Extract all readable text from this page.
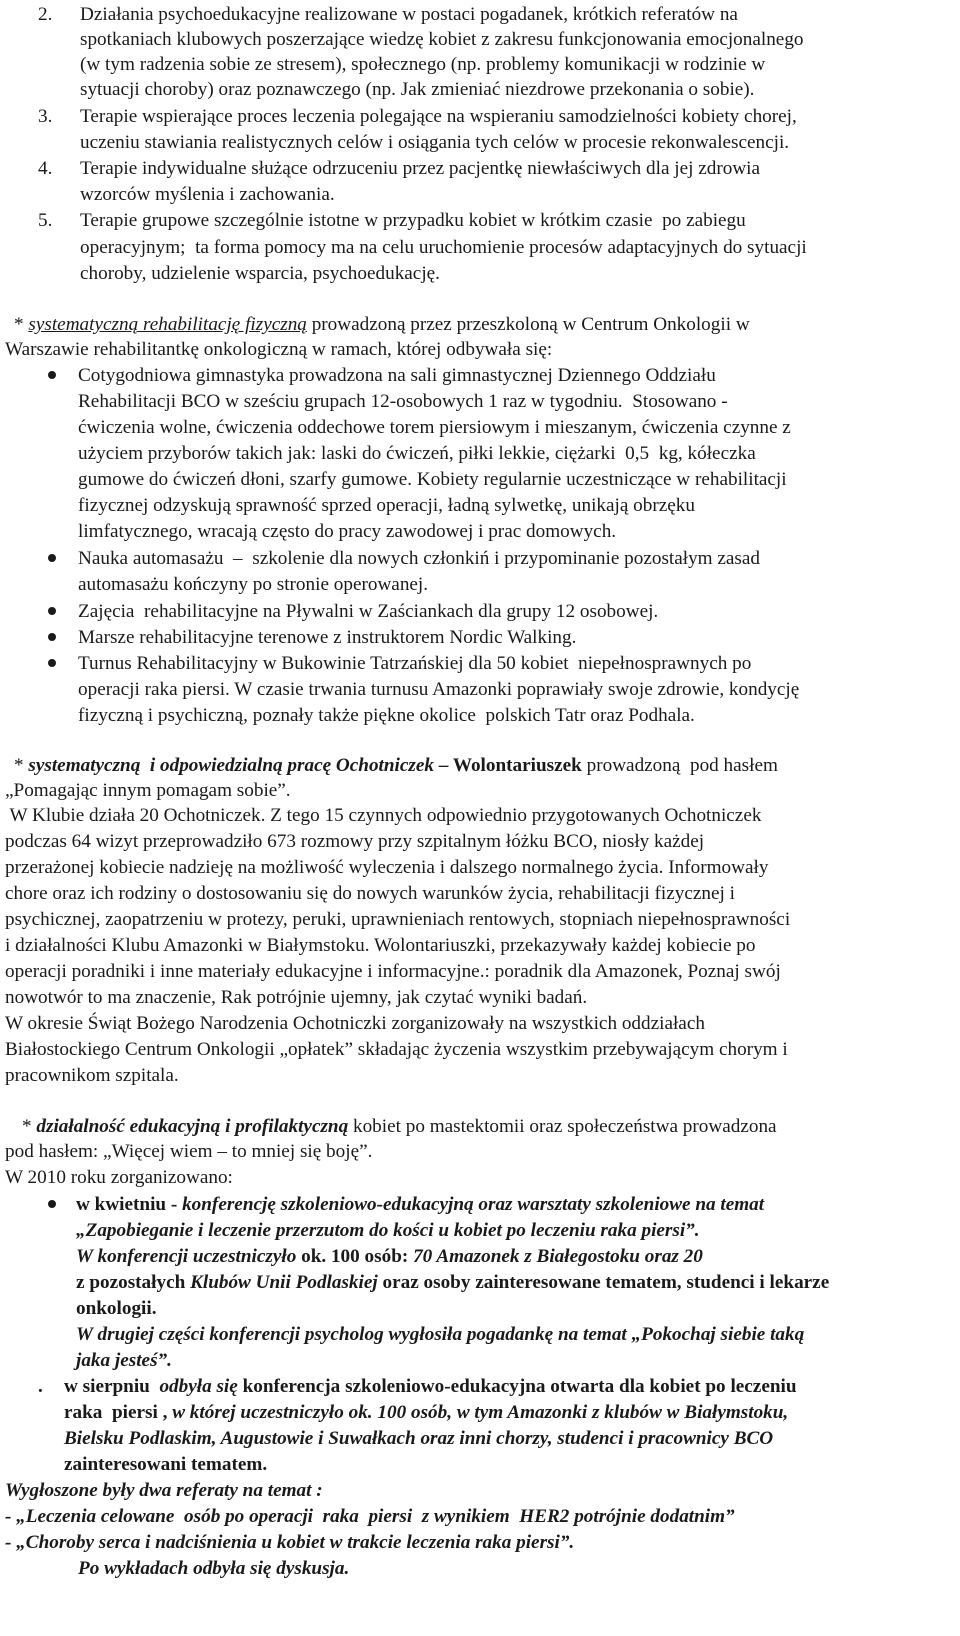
2. Działania psychoedukacyjne realizowane w postaci pogadanek, krótkich referatów na
spotkaniach klubowych poszerzające wiedzę kobiet z zakresu funkcjonowania emocjonalnego
(w tym radzenia sobie ze stresem), społecznego (np. problemy komunikacji w rodzinie w
sytuacji choroby) oraz poznawczego (np. Jak zmieniać niezdrowe przekonania o sobie).
3. Terapie wspierające proces leczenia polegające na wspieraniu samodzielności kobiety chorej,
uczeniu stawiania realistycznych celów i osiągania tych celów w procesie rekonwalescencji.
4. Terapie indywidualne służące odrzuceniu przez pacjentkę niewłaściwych dla jej zdrowia
wzorców myślenia i zachowania.
5. Terapie grupowe szczególnie istotne w przypadku kobiet w krótkim czasie  po zabiegu
operacyjnym;  ta forma pomocy ma na celu uruchomienie procesów adaptacyjnych do sytuacji
choroby, udzielenie wsparcia, psychoedukację.
* systematyczną rehabilitację fizyczną prowadzoną przez przeszkoloną w Centrum Onkologii w
Warszawie rehabilitantkę onkologiczną w ramach, której odbywała się:
Cotygodniowa gimnastyka prowadzona na sali gimnastycznej Dziennego Oddziału
Rehabilitacji BCO w sześciu grupach 12-osobowych 1 raz w tygodniu.  Stosowano -
ćwiczenia wolne, ćwiczenia oddechowe torem piersiowym i mieszanym, ćwiczenia czynne z
użyciem przyborów takich jak: laski do ćwiczeń, piłki lekkie, ciężarki  0,5  kg, kółeczka
gumowe do ćwiczeń dłoni, szarfy gumowe. Kobiety regularnie uczestniczące w rehabilitacji
fizycznej odzyskują sprawność sprzed operacji, ładną sylwetkę, unikają obrzęku
limfatycznego, wracają często do pracy zawodowej i prac domowych.
Nauka automasażu  –  szkolenie dla nowych członkiń i przypominanie pozostałym zasad
automasażu kończyny po stronie operowanej.
Zajęcia  rehabilitacyjne na Pływalni w Zaściankach dla grupy 12 osobowej.
Marsze rehabilitacyjne terenowe z instruktorem Nordic Walking.
Turnus Rehabilitacyjny w Bukowinie Tatrzańskiej dla 50 kobiet  niepełnosprawnych po
operacji raka piersi. W czasie trwania turnusu Amazonki poprawiały swoje zdrowie, kondycję
fizyczną i psychiczną, poznały także piękne okolice  polskich Tatr oraz Podhala.
* systematyczną  i odpowiedzialną pracę Ochotniczek – Wolontariuszek prowadzoną  pod hasłem
„Pomagając innym pomagam sobie”.
W Klubie działa 20 Ochotniczek. Z tego 15 czynnych odpowiednio przygotowanych Ochotniczek
podczas 64 wizyt przeprowadziło 673 rozmowy przy szpitalnym łóżku BCO, niosły każdej
przerażonej kobiecie nadzieję na możliwość wyleczenia i dalszego normalnego życia. Informowały
chore oraz ich rodziny o dostosowaniu się do nowych warunków życia, rehabilitacji fizycznej i
psychicznej, zaopatrzeniu w protezy, peruki, uprawnieniach rentowych, stopniach niepełnosprawności
i działalności Klubu Amazonki w Białymstoku. Wolontariuszki, przekazywały każdej kobiecie po
operacji poradniki i inne materiały edukacyjne i informacyjne.: poradnik dla Amazonek, Poznaj swój
nowotwór to ma znaczenie, Rak potrójnie ujemny, jak czytać wyniki badań.
W okresie Świąt Bożego Narodzenia Ochotniczki zorganizowały na wszystkich oddziałach
Białostockiego Centrum Onkologii „opłatek” składając życzenia wszystkim przebywającym chorym i
pracownikom szpitala.
* działalność edukacyjną i profilaktyczną kobiet po mastektomii oraz społeczeństwa prowadzona
pod hasłem: „Więcej wiem – to mniej się boję”.
W 2010 roku zorganizowano:
w kwietniu - konferencję szkoleniowo-edukacyjną oraz warsztaty szkoleniowe na temat
„Zapobieganie i leczenie przerzutom do kości u kobiet po leczeniu raka piersi”.
W konferencji uczestniczyło ok. 100 osób: 70 Amazonek z Białegostoku oraz 20
z pozostałych Klubów Unii Podlaskiej oraz osoby zainteresowane tematem, studenci i lekarze
onkologii.
W drugiej części konferencji psycholog wygłosiła pogadankę na temat „Pokochaj siebie taką
jaka jesteś”.
. w sierpniu  odbyła się konferencja szkoleniowo-edukacyjna otwarta dla kobiet po leczeniu
raka  piersi , w której uczestniczyło ok. 100 osób, w tym Amazonki z klubów w Białymstoku,
Bielsku Podlaskim, Augustowie i Suwałkach oraz inni chorzy, studenci i pracownicy BCO
zainteresowani tematem.
Wygłoszone były dwa referaty na temat :
- „Leczenia celowane  osób po operacji  raka  piersi  z wynikiem  HER2 potrójnie dodatnim”
- „Choroby serca i nadciśnienia u kobiet w trakcie leczenia raka piersi”.
Po wykładach odbyła się dyskusja.
